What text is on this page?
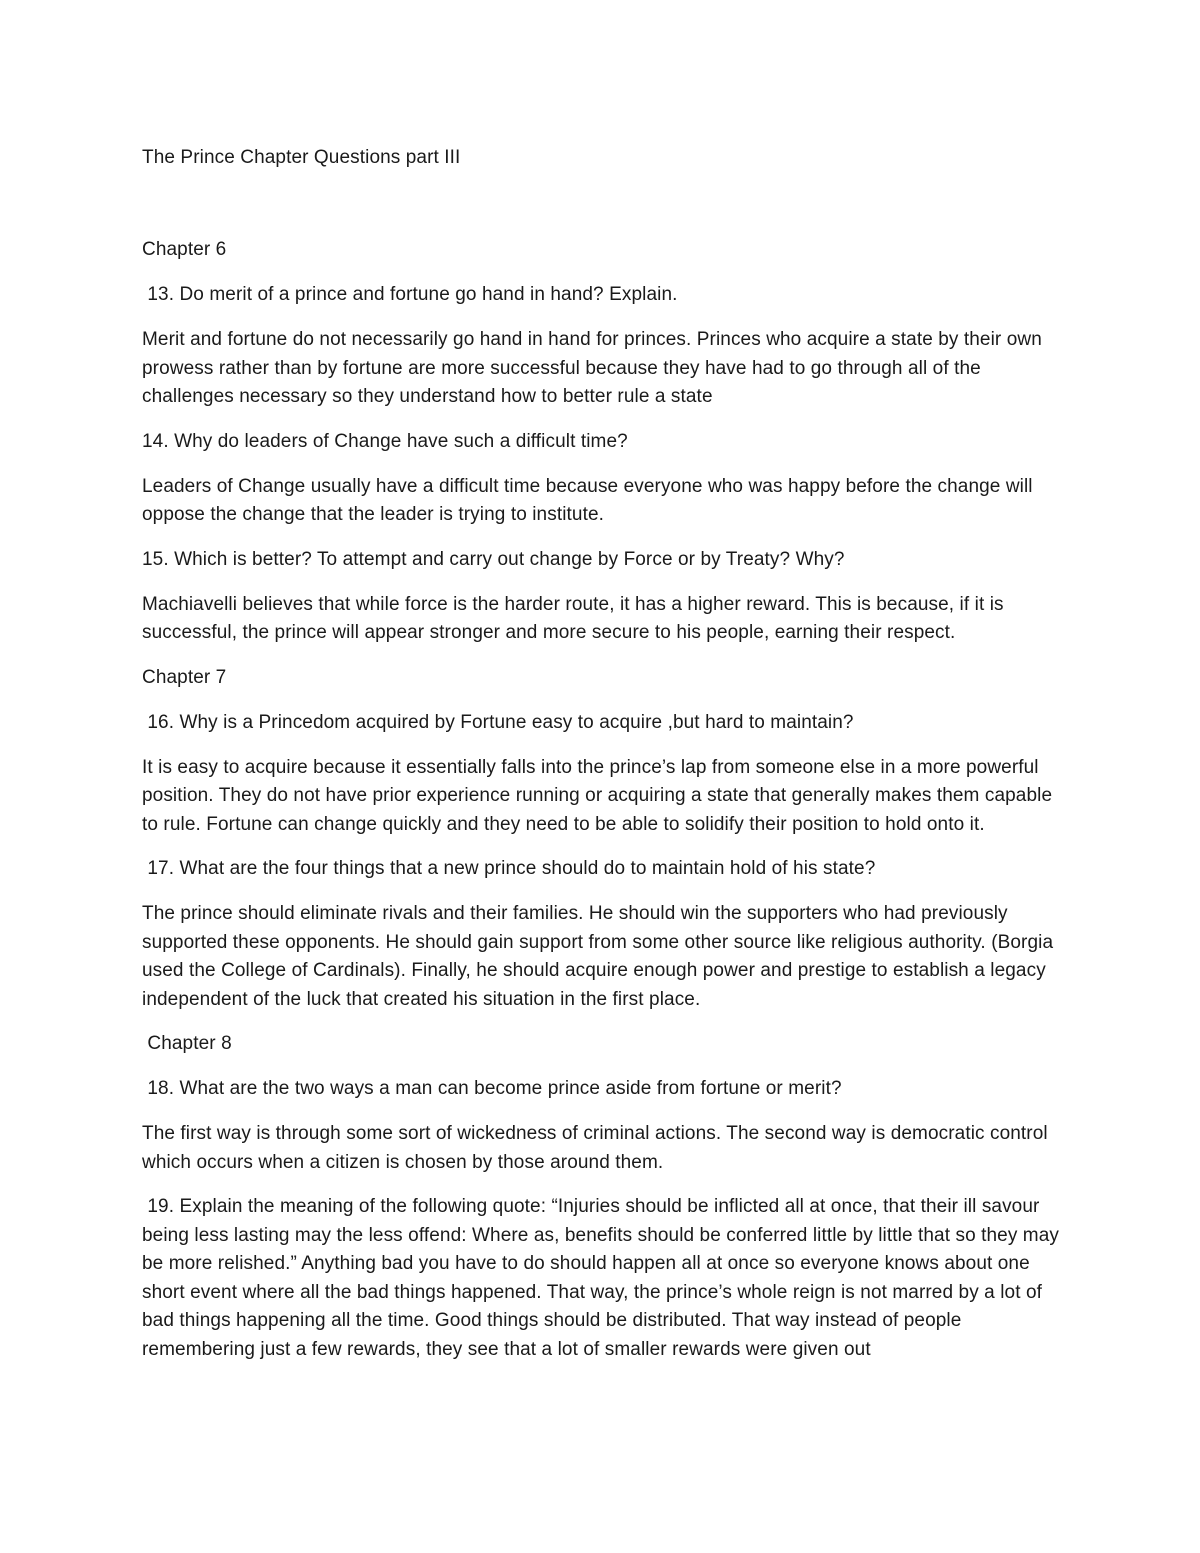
The Prince Chapter Questions part III

Chapter 6

13. Do merit of a prince and fortune go hand in hand? Explain.

Merit and fortune do not necessarily go hand in hand for princes. Princes who acquire a state by their own prowess rather than by fortune are more successful because they have had to go through all of the challenges necessary so they understand how to better rule a state

14. Why do leaders of Change have such a difficult time?

Leaders of Change usually have a difficult time because everyone who was happy before the change will oppose the change that the leader is trying to institute.

15. Which is better? To attempt and carry out change by Force or by Treaty? Why?

Machiavelli believes that while force is the harder route, it has a higher reward. This is because, if it is successful, the prince will appear stronger and more secure to his people, earning their respect.

Chapter 7

16. Why is a Princedom acquired by Fortune easy to acquire ,but hard to maintain?

It is easy to acquire because it essentially falls into the prince’s lap from someone else in a more powerful position. They do not have prior experience running or acquiring a state that generally makes them capable to rule. Fortune can change quickly and they need to be able to solidify their position to hold onto it.

17. What are the four things that a new prince should do to maintain hold of his state?

The prince should eliminate rivals and their families. He should win the supporters who had previously supported these opponents. He should gain support from some other source like religious authority. (Borgia used the College of Cardinals). Finally, he should acquire enough power and prestige to establish a legacy independent of the luck that created his situation in the first place.

Chapter 8

18. What are the two ways a man can become prince aside from fortune or merit?

The first way is through some sort of wickedness of criminal actions. The second way is democratic control which occurs when a citizen is chosen by those around them.

19. Explain the meaning of the following quote: “Injuries should be inflicted all at once, that their ill savour being less lasting may the less offend: Where as, benefits should be conferred little by little that so they may be more relished.” Anything bad you have to do should happen all at once so everyone knows about one short event where all the bad things happened. That way, the prince’s whole reign is not marred by a lot of bad things happening all the time. Good things should be distributed. That way instead of people remembering just a few rewards, they see that a lot of smaller rewards were given out
